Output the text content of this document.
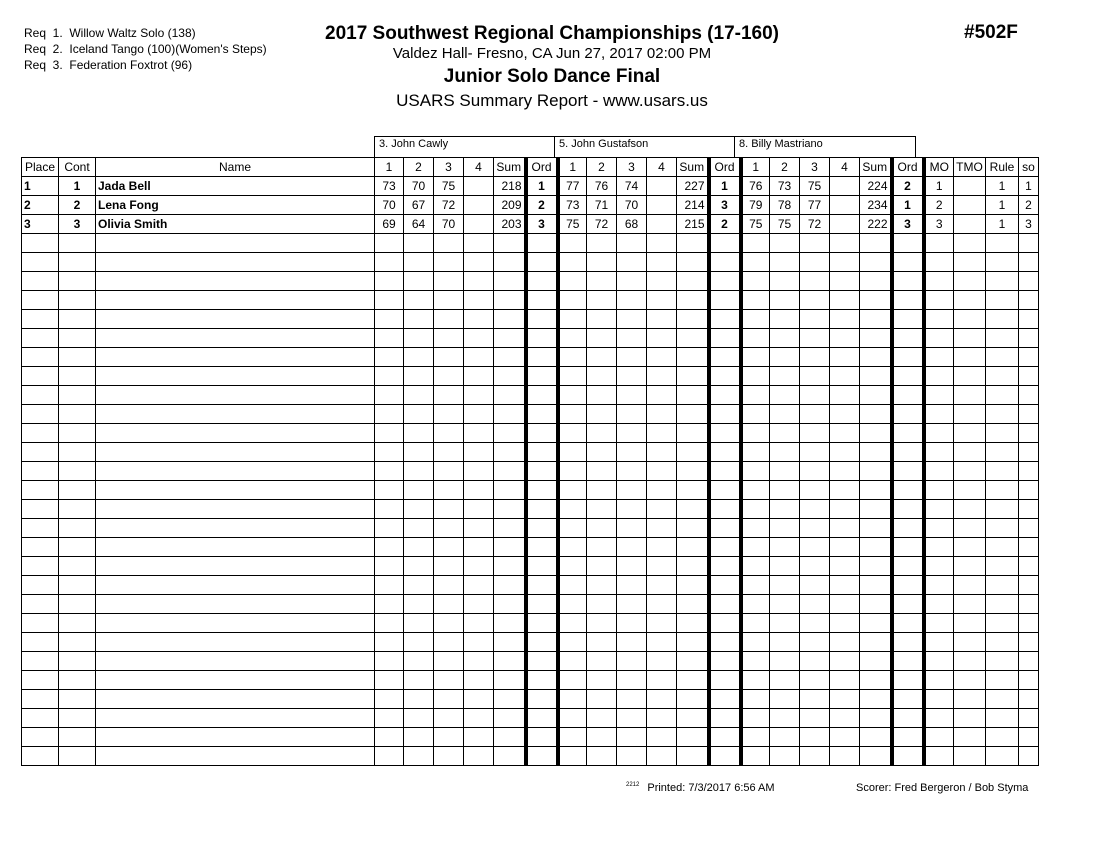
Req  1.  Willow Waltz Solo (138)
Req  2.  Iceland Tango (100)(Women's Steps)
Req  3.  Federation Foxtrot (96)
2017 Southwest Regional Championships (17-160)
Valdez Hall- Fresno, CA Jun 27, 2017 02:00 PM
Junior Solo Dance Final
USARS Summary Report - www.usars.us
#502F
3. John Cawly	5. John Gustafson	8. Billy Mastriano
Place	Cont	Name	1	2	3	4	Sum	Ord	1	2	3	4	Sum	Ord	1	2	3	4	Sum	Ord	MO	TMO	Rule	so
1	1	Jada Bell	73	70	75		218	1	77	76	74		227	1	76	73	75		224	2	1		1	1
2	2	Lena Fong	70	67	72		209	2	73	71	70		214	3	79	78	77		234	1	2		1	2
3	3	Olivia Smith	69	64	70		203	3	75	72	68		215	2	75	75	72		222	3	3		1	3

$^{2212}$ Printed: 7/3/2017 6:56 AM	Scorer: Fred Bergeron / Bob Styma
